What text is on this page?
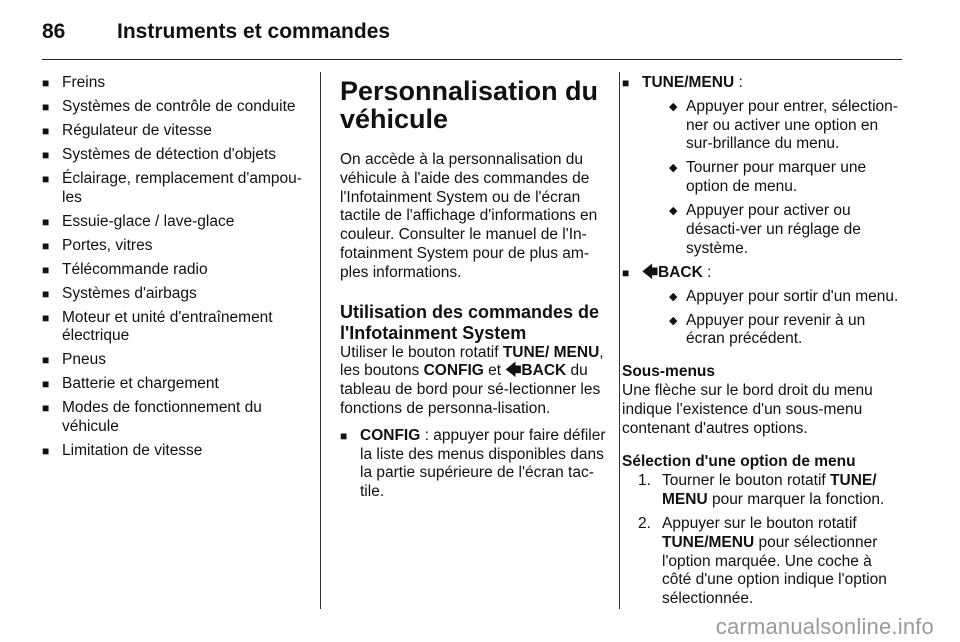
86 Instruments et commandes
■ Freins
■ Systèmes de contrôle de conduite
■ Régulateur de vitesse
■ Systèmes de détection d'objets
■ Éclairage, remplacement d'ampou-les
■ Essuie-glace / lave-glace
■ Portes, vitres
■ Télécommande radio
■ Systèmes d'airbags
■ Moteur et unité d'entraînement électrique
■ Pneus
■ Batterie et chargement
■ Modes de fonctionnement du véhicule
■ Limitation de vitesse
Personnalisation du véhicule

On accède à la personnalisation du véhicule à l'aide des commandes de l'Infotainment System ou de l'écran tactile de l'affichage d'informations en couleur. Consulter le manuel de l'In-fotainment System pour de plus am-ples informations.

Utilisation des commandes de l'Infotainment System

Utiliser le bouton rotatif TUNE/ MENU, les boutons CONFIG et 🡄BACK du tableau de bord pour sé-lectionner les fonctions de personna-lisation.

■ CONFIG : appuyer pour faire défiler la liste des menus disponibles dans la partie supérieure de l'écran tac-tile.
■ TUNE/MENU :
◆ Appuyer pour entrer, sélection-ner ou activer une option en sur-brillance du menu.
◆ Tourner pour marquer une option de menu.
◆ Appuyer pour activer ou désacti-ver un réglage de système.
■ 🡄BACK :
◆ Appuyer pour sortir d'un menu.
◆ Appuyer pour revenir à un écran précédent.
Sous-menus

Une flèche sur le bord droit du menu indique l'existence d'un sous-menu contenant d'autres options.

Sélection d'une option de menu
1. Tourner le bouton rotatif TUNE/ MENU pour marquer la fonction.
2. Appuyer sur le bouton rotatif TUNE/MENU pour sélectionner l'option marquée. Une coche à côté d'une option indique l'option sélectionnée.
carmanualsonline.info
